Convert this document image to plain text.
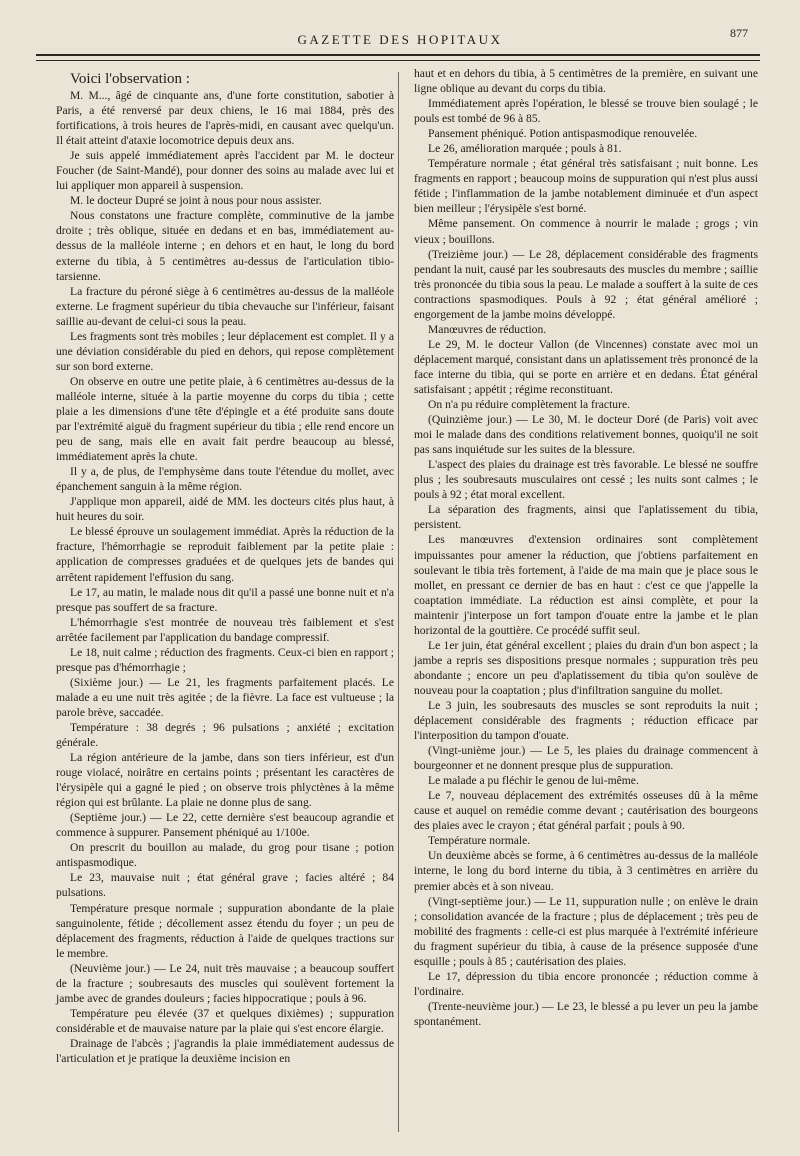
GAZETTE DES HOPITAUX	877

Voici l'observation :

M. M..., âgé de cinquante ans, d'une forte constitution, sabotier à Paris, a été renversé par deux chiens, le 16 mai 1884, près des fortifications, à trois heures de l'après-midi, en causant avec quelqu'un. Il était atteint d'ataxie locomotrice depuis deux ans.

Je suis appelé immédiatement après l'accident par M. le docteur Foucher (de Saint-Mandé), pour donner des soins au malade avec lui et lui appliquer mon appareil à suspension.

M. le docteur Dupré se joint à nous pour nous assister.

Nous constatons une fracture complète, comminutive de la jambe droite ; très oblique, située en dedans et en bas, immédiatement au-dessus de la malléole interne ; en dehors et en haut, le long du bord externe du tibia, à 5 centimètres au-dessus de l'articulation tibio-tarsienne.

La fracture du péroné siège à 6 centimètres au-dessus de la malléole externe. Le fragment supérieur du tibia chevauche sur l'inférieur, faisant saillie au-devant de celui-ci sous la peau.

Les fragments sont très mobiles ; leur déplacement est complet. Il y a une déviation considérable du pied en dehors, qui repose complètement sur son bord externe.

On observe en outre une petite plaie, à 6 centimètres au-dessus de la malléole interne, située à la partie moyenne du corps du tibia ; cette plaie a les dimensions d'une tête d'épingle et a été produite sans doute par l'extrémité aiguë du fragment supérieur du tibia ; elle rend encore un peu de sang, mais elle en avait fait perdre beaucoup au blessé, immédiatement après la chute.

Il y a, de plus, de l'emphysème dans toute l'étendue du mollet, avec épanchement sanguin à la même région.

J'applique mon appareil, aidé de MM. les docteurs cités plus haut, à huit heures du soir.

Le blessé éprouve un soulagement immédiat. Après la réduction de la fracture, l'hémorrhagie se reproduit faiblement par la petite plaie : application de compresses graduées et de quelques jets de bandes qui arrêtent rapidement l'effusion du sang.

Le 17, au matin, le malade nous dit qu'il a passé une bonne nuit et n'a presque pas souffert de sa fracture.

L'hémorrhagie s'est montrée de nouveau très faiblement et s'est arrêtée facilement par l'application du bandage compressif.

Le 18, nuit calme ; réduction des fragments. Ceux-ci bien en rapport ; presque pas d'hémorrhagie ;

(Sixième jour.) — Le 21, les fragments parfaitement placés. Le malade a eu une nuit très agitée ; de la fièvre. La face est vultueuse ; la parole brève, saccadée.

Température : 38 degrés ; 96 pulsations ; anxiété ; excitation générale.

La région antérieure de la jambe, dans son tiers inférieur, est d'un rouge violacé, noirâtre en certains points ; présentant les caractères de l'érysipèle qui a gagné le pied ; on observe trois phlyctènes à la même région qui est brûlante. La plaie ne donne plus de sang.

(Septième jour.) — Le 22, cette dernière s'est beaucoup agrandie et commence à suppurer. Pansement phéniqué au 1/100e.

On prescrit du bouillon au malade, du grog pour tisane ; potion antispasmodique.

Le 23, mauvaise nuit ; état général grave ; facies altéré ; 84 pulsations.

Température presque normale ; suppuration abondante de la plaie sanguinolente, fétide ; décollement assez étendu du foyer ; un peu de déplacement des fragments, réduction à l'aide de quelques tractions sur le membre.

(Neuvième jour.) — Le 24, nuit très mauvaise ; a beaucoup souffert de la fracture ; soubresauts des muscles qui soulèvent fortement la jambe avec de grandes douleurs ; facies hippocratique ; pouls à 96.

Température peu élevée (37 et quelques dixièmes) ; suppuration considérable et de mauvaise nature par la plaie qui s'est encore élargie.

Drainage de l'abcès ; j'agrandis la plaie immédiatement audessus de l'articulation et je pratique la deuxième incision en

haut et en dehors du tibia, à 5 centimètres de la première, en suivant une ligne oblique au devant du corps du tibia.

Immédiatement après l'opération, le blessé se trouve bien soulagé ; le pouls est tombé de 96 à 85.

Pansement phéniqué. Potion antispasmodique renouvelée.

Le 26, amélioration marquée ; pouls à 81.

Température normale ; état général très satisfaisant ; nuit bonne. Les fragments en rapport ; beaucoup moins de suppuration qui n'est plus aussi fétide ; l'inflammation de la jambe notablement diminuée et d'un aspect bien meilleur ; l'érysipèle s'est borné.

Même pansement. On commence à nourrir le malade ; grogs ; vin vieux ; bouillons.

(Treizième jour.) — Le 28, déplacement considérable des fragments pendant la nuit, causé par les soubresauts des muscles du membre ; saillie très prononcée du tibia sous la peau. Le malade a souffert à la suite de ces contractions spasmodiques. Pouls à 92 ; état général amélioré ; engorgement de la jambe moins développé.

Manœuvres de réduction.

Le 29, M. le docteur Vallon (de Vincennes) constate avec moi un déplacement marqué, consistant dans un aplatissement très prononcé de la face interne du tibia, qui se porte en arrière et en dedans. État général satisfaisant ; appétit ; régime reconstituant.

On n'a pu réduire complètement la fracture.

(Quinzième jour.) — Le 30, M. le docteur Doré (de Paris) voit avec moi le malade dans des conditions relativement bonnes, quoiqu'il ne soit pas sans inquiétude sur les suites de la blessure.

L'aspect des plaies du drainage est très favorable. Le blessé ne souffre plus ; les soubresauts musculaires ont cessé ; les nuits sont calmes ; le pouls à 92 ; état moral excellent.

La séparation des fragments, ainsi que l'aplatissement du tibia, persistent.

Les manœuvres d'extension ordinaires sont complètement impuissantes pour amener la réduction, que j'obtiens parfaitement en soulevant le tibia très fortement, à l'aide de ma main que je place sous le mollet, en pressant ce dernier de bas en haut : c'est ce que j'appelle la coaptation immédiate. La réduction est ainsi complète, et pour la maintenir j'interpose un fort tampon d'ouate entre la jambe et le plan horizontal de la gouttière. Ce procédé suffit seul.

Le 1er juin, état général excellent ; plaies du drain d'un bon aspect ; la jambe a repris ses dispositions presque normales ; suppuration très peu abondante ; encore un peu d'aplatissement du tibia qu'on soulève de nouveau pour la coaptation ; plus d'infiltration sanguine du mollet.

Le 3 juin, les soubresauts des muscles se sont reproduits la nuit ; déplacement considérable des fragments ; réduction efficace par l'interposition du tampon d'ouate.

(Vingt-unième jour.) — Le 5, les plaies du drainage commencent à bourgeonner et ne donnent presque plus de suppuration.

Le malade a pu fléchir le genou de lui-même.

Le 7, nouveau déplacement des extrémités osseuses dû à la même cause et auquel on remédie comme devant ; cautérisation des bourgeons des plaies avec le crayon ; état général parfait ; pouls à 90.

Température normale.

Un deuxième abcès se forme, à 6 centimètres au-dessus de la malléole interne, le long du bord interne du tibia, à 3 centimètres en arrière du premier abcès et à son niveau.

(Vingt-septième jour.) — Le 11, suppuration nulle ; on enlève le drain ; consolidation avancée de la fracture ; plus de déplacement ; très peu de mobilité des fragments : celle-ci est plus marquée à l'extrémité inférieure du fragment supérieur du tibia, à cause de la présence supposée d'une esquille ; pouls à 85 ; cautérisation des plaies.

Le 17, dépression du tibia encore prononcée ; réduction comme à l'ordinaire.

(Trente-neuvième jour.) — Le 23, le blessé a pu lever un peu la jambe spontanément.
